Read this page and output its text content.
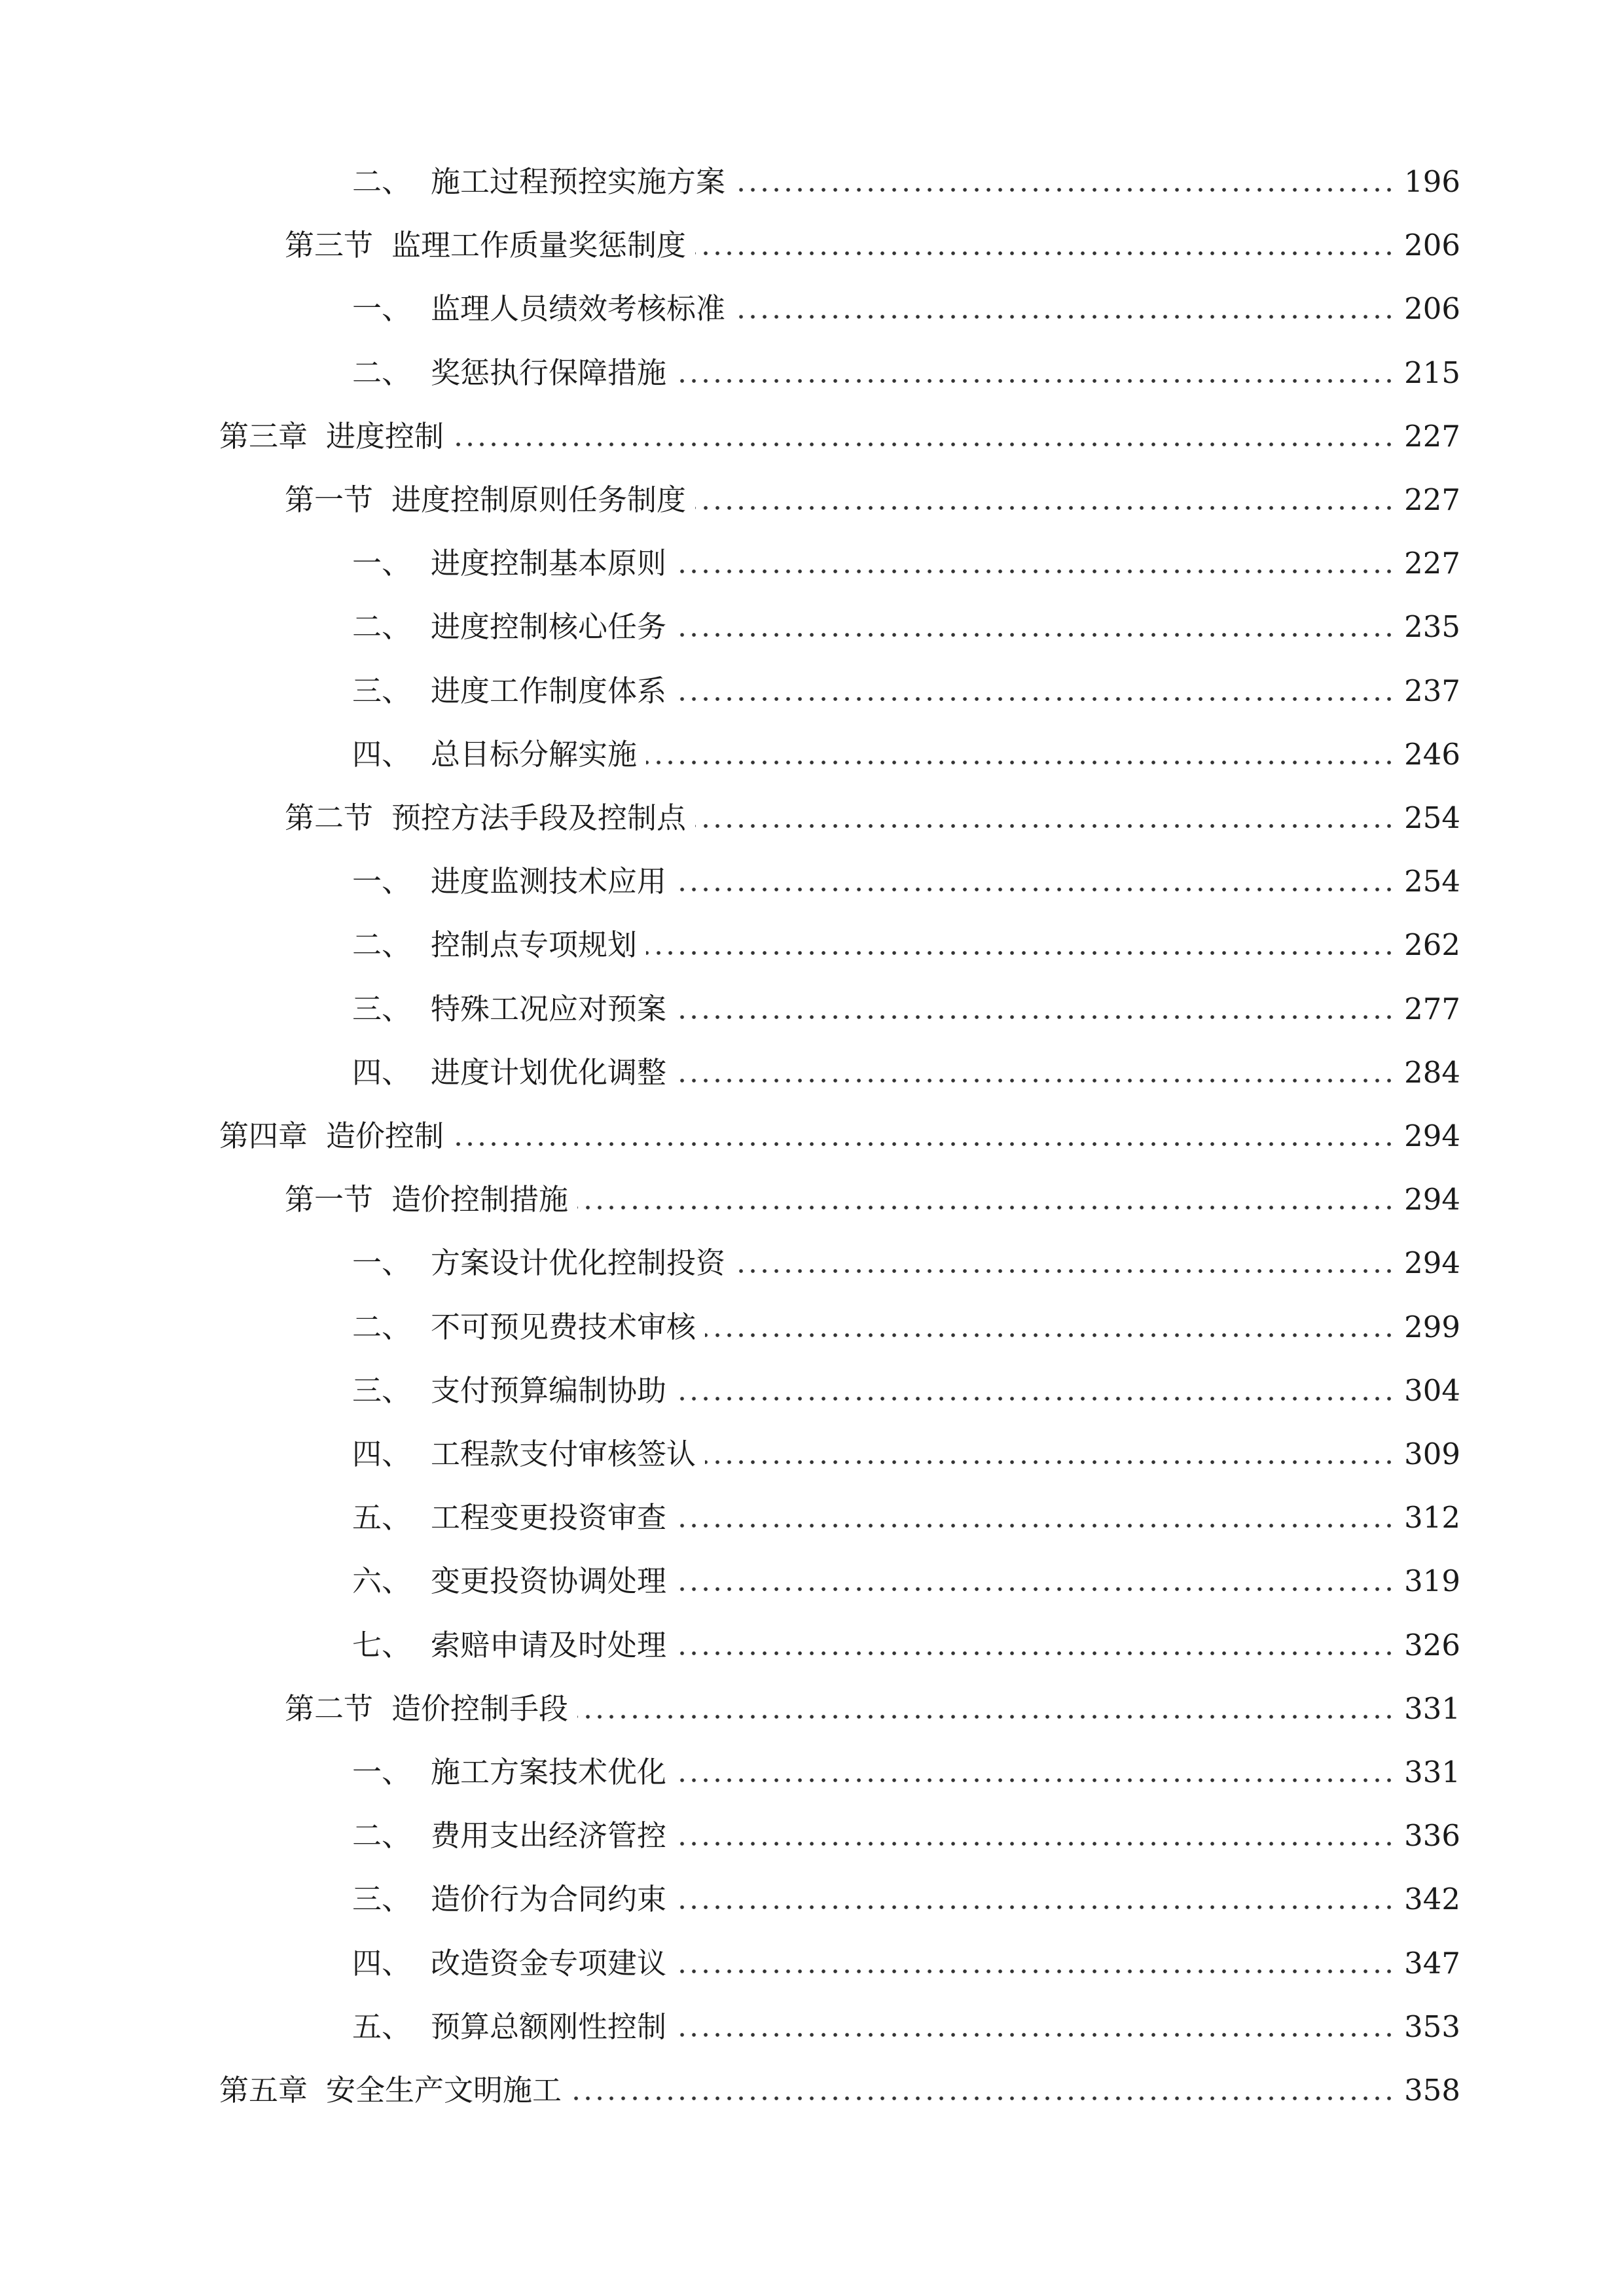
二、 施工过程预控实施方案	196
第三节 监理工作质量奖惩制度	206
一、 监理人员绩效考核标准	206
二、 奖惩执行保障措施	215
第三章 进度控制	227
第一节 进度控制原则任务制度	227
一、 进度控制基本原则	227
二、 进度控制核心任务	235
三、 进度工作制度体系	237
四、 总目标分解实施	246
第二节 预控方法手段及控制点	254
一、 进度监测技术应用	254
二、 控制点专项规划	262
三、 特殊工况应对预案	277
四、 进度计划优化调整	284
第四章 造价控制	294
第一节 造价控制措施	294
一、 方案设计优化控制投资	294
二、 不可预见费技术审核	299
三、 支付预算编制协助	304
四、 工程款支付审核签认	309
五、 工程变更投资审查	312
六、 变更投资协调处理	319
七、 索赔申请及时处理	326
第二节 造价控制手段	331
一、 施工方案技术优化	331
二、 费用支出经济管控	336
三、 造价行为合同约束	342
四、 改造资金专项建议	347
五、 预算总额刚性控制	353
第五章 安全生产文明施工	358
